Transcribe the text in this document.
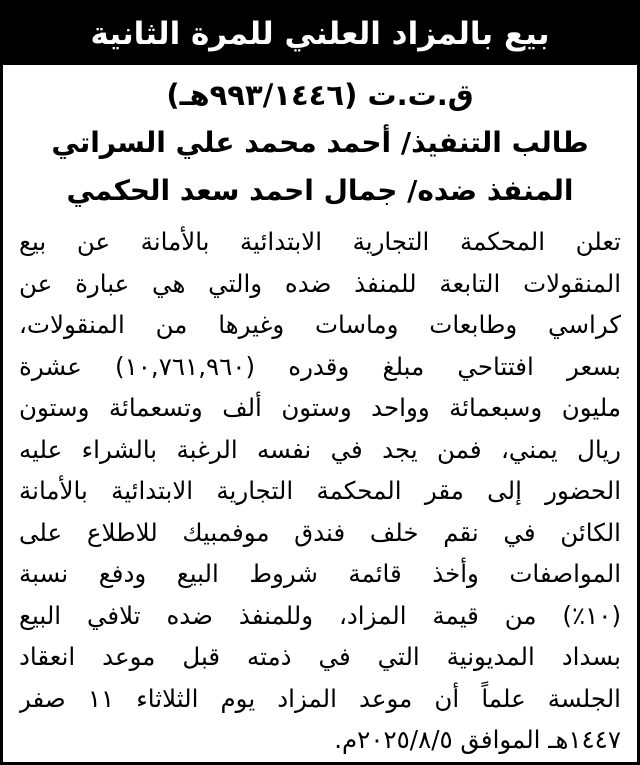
بيع بالمزاد العلني للمرة الثانية
ق.ت.ت (٩٩٣/١٤٤٦هـ)
طالب التنفيذ/ أحمد محمد علي السراتي
المنفذ ضده/ جمال احمد سعد الحكمي
تعلن المحكمة التجارية الابتدائية بالأمانة عن بيع
المنقولات التابعة للمنفذ ضده والتي هي عبارة عن
كراسي وطابعات وماسات وغيرها من المنقولات،
بسعر افتتاحي مبلغ وقدره (١٠,٧٦١,٩٦٠) عشرة
مليون وسبعمائة وواحد وستون ألف وتسعمائة وستون
ريال يمني، فمن يجد في نفسه الرغبة بالشراء عليه
الحضور إلى مقر المحكمة التجارية الابتدائية بالأمانة
الكائن في نقم خلف فندق موفمبيك للاطلاع على
المواصفات وأخذ قائمة شروط البيع ودفع نسبة
(١٠٪) من قيمة المزاد، وللمنفذ ضده تلافي البيع
بسداد المديونية التي في ذمته قبل موعد انعقاد
الجلسة علماً أن موعد المزاد يوم الثلاثاء ١١ صفر
١٤٤٧هـ الموافق ٢٠٢٥/٨/٥م.
